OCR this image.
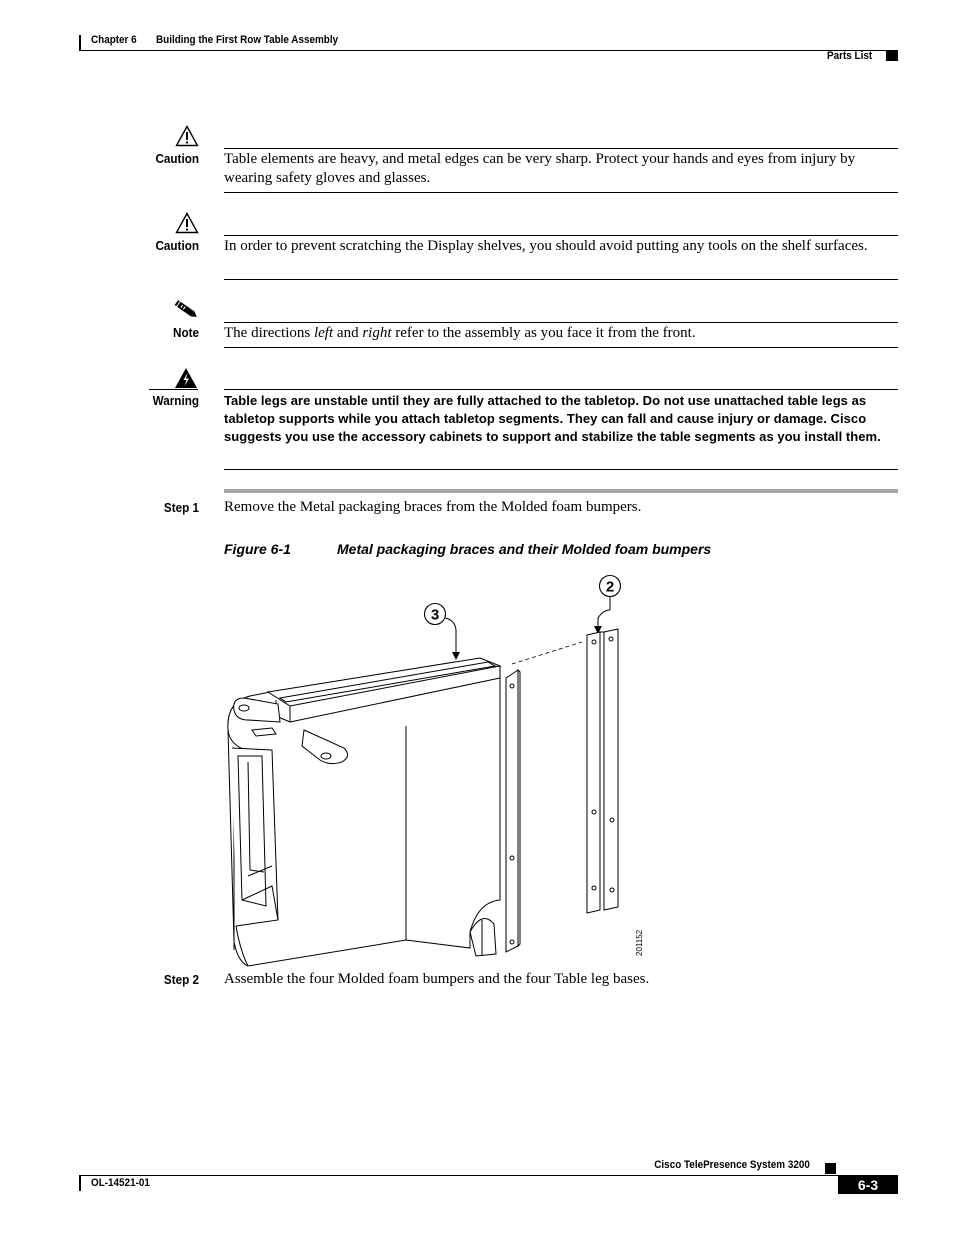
Chapter 6 Building the First Row Table Assembly
Parts List
Caution Table elements are heavy, and metal edges can be very sharp. Protect your hands and eyes from injury by wearing safety gloves and glasses.
Caution In order to prevent scratching the Display shelves, you should avoid putting any tools on the shelf surfaces.
Note The directions left and right refer to the assembly as you face it from the front.
Warning Table legs are unstable until they are fully attached to the tabletop. Do not use unattached table legs as tabletop supports while you attach tabletop segments. They can fall and cause injury or damage. Cisco suggests you use the accessory cabinets to support and stabilize the table segments as you install them.
Step 1 Remove the Metal packaging braces from the Molded foam bumpers.
Figure 6-1	Metal packaging braces and their Molded foam bumpers
201152
2
3
Step 2 Assemble the four Molded foam bumpers and the four Table leg bases.
Cisco TelePresence System 3200
OL-14521-01	6-3
